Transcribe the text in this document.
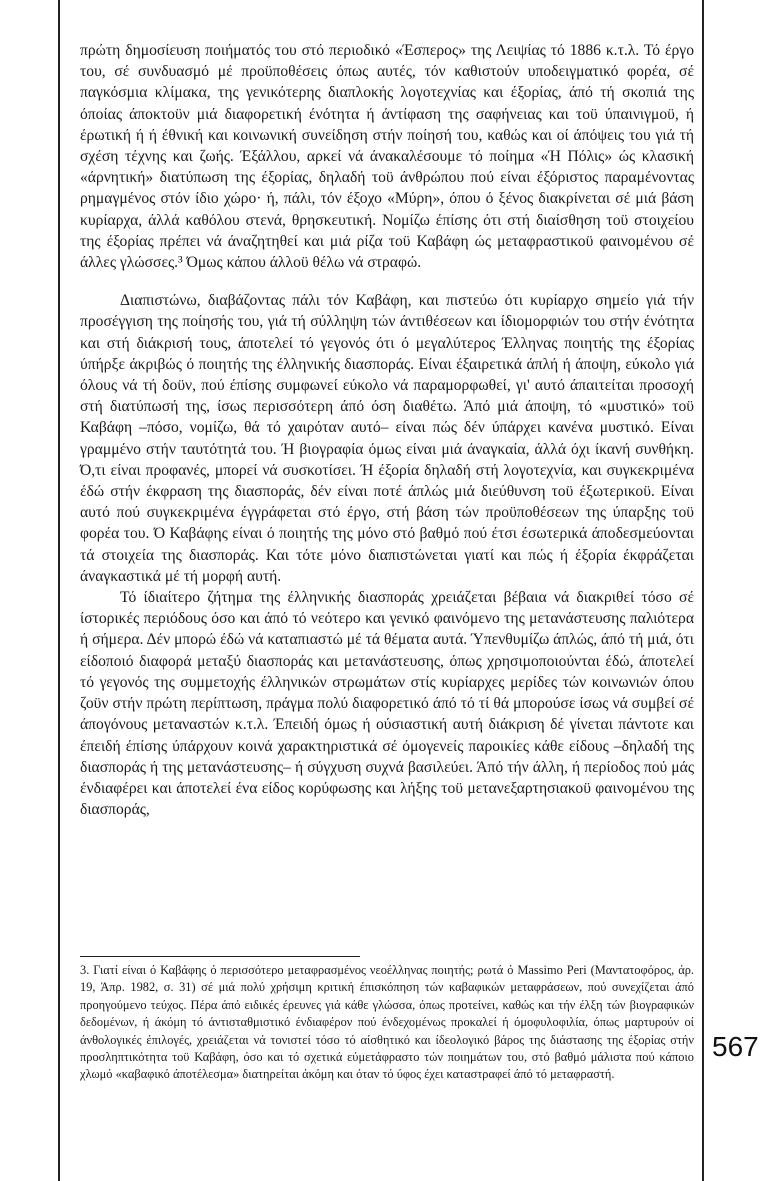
πρώτη δημοσίευση ποιήματός του στό περιοδικό «Έσπερος» της Λειψίας τό 1886 κ.τ.λ. Τό έργο του, σέ συνδυασμό μέ προϋποθέσεις όπως αυτές, τόν καθιστούν υποδειγματικό φορέα, σέ παγκόσμια κλίμακα, της γενικότερης διαπλοκής λογοτεχνίας και έξορίας, άπό τή σκοπιά της όποίας άποκτοϋν μιά διαφορετική ένότητα ή άντίφαση της σαφήνειας και τοϋ ύπαινιγμοϋ, ή έρωτική ή ή έθνική και κοινωνική συνείδηση στήν ποίησή του, καθώς και οί άπόψεις του γιά τή σχέση τέχνης και ζωής. Έξάλλου, αρκεί νά άνακαλέσουμε τό ποίημα «Ή Πόλις» ώς κλασική «άρνητική» διατύπωση της έξορίας, δηλαδή τοϋ άνθρώπου πού είναι έξόριστος παραμένοντας ρημαγμένος στόν ίδιο χώρο· ή, πάλι, τόν έξοχο «Μύρη», όπου ό ξένος διακρίνεται σέ μιά βάση κυρίαρχα, άλλά καθόλου στενά, θρησκευτική. Νομίζω έπίσης ότι στή διαίσθηση τοϋ στοιχείου της έξορίας πρέπει νά άναζητηθεί και μιά ρίζα τοϋ Καβάφη ώς μεταφραστικοϋ φαινομένου σέ άλλες γλώσσες.³ Όμως κάπου άλλοϋ θέλω νά στραφώ.

Διαπιστώνω, διαβάζοντας πάλι τόν Καβάφη, και πιστεύω ότι κυρίαρχο σημείο γιά τήν προσέγγιση της ποίησής του, γιά τή σύλληψη τών άντιθέσεων και ίδιομορφιών του στήν ένότητα και στή διάκρισή τους, άποτελεί τό γεγονός ότι ό μεγαλύτερος Έλληνας ποιητής της έξορίας ύπήρξε άκριβώς ό ποιητής της έλληνικής διασποράς. Είναι έξαιρετικά άπλή ή άποψη, εύκολο γιά όλους νά τή δοϋν, πού έπίσης συμφωνεί εύκολο νά παραμορφωθεί, γι' αυτό άπαιτείται προσοχή στή διατύπωσή της, ίσως περισσότερη άπό όση διαθέτω. Άπό μιά άποψη, τό «μυστικό» τοϋ Καβάφη –πόσο, νομίζω, θά τό χαιρόταν αυτό– είναι πώς δέν ύπάρχει κανένα μυστικό. Είναι γραμμένο στήν ταυτότητά του. Ή βιογραφία όμως είναι μιά άναγκαία, άλλά όχι ίκανή συνθήκη. Ό,τι είναι προφανές, μπορεί νά συσκοτίσει. Ή έξορία δηλαδή στή λογοτεχνία, και συγκεκριμένα έδώ στήν έκφραση της διασποράς, δέν είναι ποτέ άπλώς μιά διεύθυνση τοϋ έξωτερικοϋ. Είναι αυτό πού συγκεκριμένα έγγράφεται στό έργο, στή βάση τών προϋποθέσεων της ύπαρξης τοϋ φορέα του. Ό Καβάφης είναι ό ποιητής της μόνο στό βαθμό πού έτσι έσωτερικά άποδεσμεύονται τά στοιχεία της διασποράς. Και τότε μόνο διαπιστώνεται γιατί και πώς ή έξορία έκφράζεται άναγκαστικά μέ τή μορφή αυτή.

Τό ίδιαίτερο ζήτημα της έλληνικής διασποράς χρειάζεται βέβαια νά διακριθεί τόσο σέ ίστορικές περιόδους όσο και άπό τό νεότερο και γενικό φαινόμενο της μετανάστευσης παλιότερα ή σήμερα. Δέν μπορώ έδώ νά καταπιαστώ μέ τά θέματα αυτά. Ύπενθυμίζω άπλώς, άπό τή μιά, ότι είδοποιό διαφορά μεταξύ διασποράς και μετανάστευσης, όπως χρησιμοποιούνται έδώ, άποτελεί τό γεγονός της συμμετοχής έλληνικών στρωμάτων στίς κυρίαρχες μερίδες τών κοινωνιών όπου ζοϋν στήν πρώτη περίπτωση, πράγμα πολύ διαφορετικό άπό τό τί θά μπορούσε ίσως νά συμβεί σέ άπογόνους μεταναστών κ.τ.λ. Έπειδή όμως ή ούσιαστική αυτή διάκριση δέ γίνεται πάντοτε και έπειδή έπίσης ύπάρχουν κοινά χαρακτηριστικά σέ όμογενείς παροικίες κάθε είδους –δηλαδή της διασποράς ή της μετανάστευσης– ή σύγχυση συχνά βασιλεύει. Άπό τήν άλλη, ή περίοδος πού μάς ένδιαφέρει και άποτελεί ένα είδος κορύφωσης και λήξης τοϋ μετανεξαρτησιακοϋ φαινομένου της διασποράς,

3. Γιατί είναι ό Καβάφης ό περισσότερο μεταφρασμένος νεοέλληνας ποιητής; ρωτά ό Massimo Peri (Μαντατοφόρος, άρ. 19, Άπρ. 1982, σ. 31) σέ μιά πολύ χρήσιμη κριτική έπισκόπηση τών καβαφικών μεταφράσεων, πού συνεχίζεται άπό προηγούμενο τεύχος. Πέρα άπό ειδικές έρευνες γιά κάθε γλώσσα, όπως προτείνει, καθώς και τήν έλξη τών βιογραφικών δεδομένων, ή άκόμη τό άντισταθμιστικό ένδιαφέρον πού ένδεχομένως προκαλεί ή όμοφυλοφιλία, όπως μαρτυρούν οί άνθολογικές έπιλογές, χρειάζεται νά τονιστεί τόσο τό αίσθητικό και ίδεολογικό βάρος της διάστασης της έξορίας στήν προσληπτικότητα τοϋ Καβάφη, όσο και τό σχετικά εύμετάφραστο τών ποιημάτων του, στό βαθμό μάλιστα πού κάποιο χλωμό «καβαφικό άποτέλεσμα» διατηρείται άκόμη και όταν τό ύφος έχει καταστραφεί άπό τό μεταφραστή.

567
